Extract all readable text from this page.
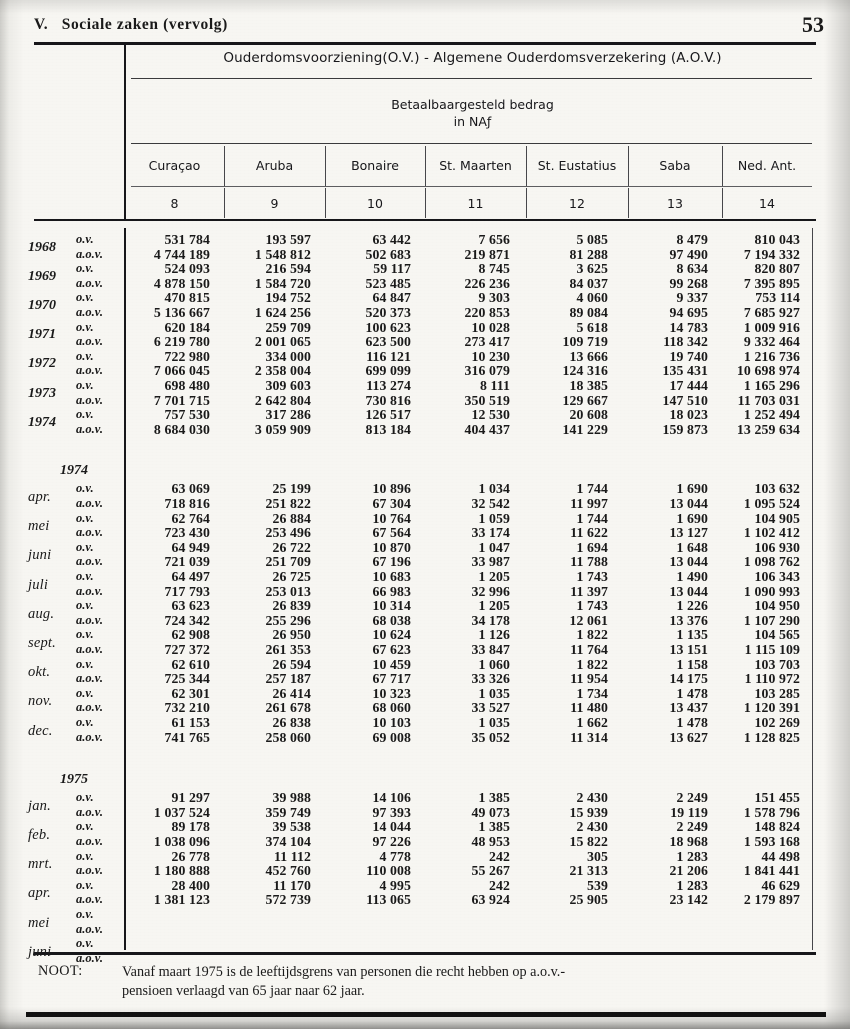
V. Sociale zaken (vervolg)	53
Ouderdomsvoorziening(O.V.) - Algemene Ouderdomsverzekering (A.O.V.)
Betaalbaargesteld bedrag
in NAƒ
Curaçao	Aruba	Bonaire	St. Maarten	St. Eustatius	Saba	Ned. Ant.
8	9	10	11	12	13	14
1968
o.v.	531 784	193 597	63 442	7 656	5 085	8 479	810 043
a.o.v.	4 744 189	1 548 812	502 683	219 871	81 288	97 490	7 194 332
1969
o.v.	524 093	216 594	59 117	8 745	3 625	8 634	820 807
a.o.v.	4 878 150	1 584 720	523 485	226 236	84 037	99 268	7 395 895
1970
o.v.	470 815	194 752	64 847	9 303	4 060	9 337	753 114
a.o.v.	5 136 667	1 624 256	520 373	220 853	89 084	94 695	7 685 927
1971
o.v.	620 184	259 709	100 623	10 028	5 618	14 783	1 009 916
a.o.v.	6 219 780	2 001 065	623 500	273 417	109 719	118 342	9 332 464
1972
o.v.	722 980	334 000	116 121	10 230	13 666	19 740	1 216 736
a.o.v.	7 066 045	2 358 004	699 099	316 079	124 316	135 431	10 698 974
1973
o.v.	698 480	309 603	113 274	8 111	18 385	17 444	1 165 296
a.o.v.	7 701 715	2 642 804	730 816	350 519	129 667	147 510	11 703 031
1974
o.v.	757 530	317 286	126 517	12 530	20 608	18 023	1 252 494
a.o.v.	8 684 030	3 059 909	813 184	404 437	141 229	159 873	13 259 634
1974
apr.
o.v.	63 069	25 199	10 896	1 034	1 744	1 690	103 632
a.o.v.	718 816	251 822	67 304	32 542	11 997	13 044	1 095 524
mei
o.v.	62 764	26 884	10 764	1 059	1 744	1 690	104 905
a.o.v.	723 430	253 496	67 564	33 174	11 622	13 127	1 102 412
juni
o.v.	64 949	26 722	10 870	1 047	1 694	1 648	106 930
a.o.v.	721 039	251 709	67 196	33 987	11 788	13 044	1 098 762
juli
o.v.	64 497	26 725	10 683	1 205	1 743	1 490	106 343
a.o.v.	717 793	253 013	66 983	32 996	11 397	13 044	1 090 993
aug.
o.v.	63 623	26 839	10 314	1 205	1 743	1 226	104 950
a.o.v.	724 342	255 296	68 038	34 178	12 061	13 376	1 107 290
sept.
o.v.	62 908	26 950	10 624	1 126	1 822	1 135	104 565
a.o.v.	727 372	261 353	67 623	33 847	11 764	13 151	1 115 109
okt.
o.v.	62 610	26 594	10 459	1 060	1 822	1 158	103 703
a.o.v.	725 344	257 187	67 717	33 326	11 954	14 175	1 110 972
nov.
o.v.	62 301	26 414	10 323	1 035	1 734	1 478	103 285
a.o.v.	732 210	261 678	68 060	33 527	11 480	13 437	1 120 391
dec.
o.v.	61 153	26 838	10 103	1 035	1 662	1 478	102 269
a.o.v.	741 765	258 060	69 008	35 052	11 314	13 627	1 128 825
1975
jan.
o.v.	91 297	39 988	14 106	1 385	2 430	2 249	151 455
a.o.v.	1 037 524	359 749	97 393	49 073	15 939	19 119	1 578 796
feb.
o.v.	89 178	39 538	14 044	1 385	2 430	2 249	148 824
a.o.v.	1 038 096	374 104	97 226	48 953	15 822	18 968	1 593 168
mrt.
o.v.	26 778	11 112	4 778	242	305	1 283	44 498
a.o.v.	1 180 888	452 760	110 008	55 267	21 313	21 206	1 841 441
apr.
o.v.	28 400	11 170	4 995	242	539	1 283	46 629
a.o.v.	1 381 123	572 739	113 065	63 924	25 905	23 142	2 179 897
mei
o.v.
a.o.v.
juni
o.v.
a.o.v.
NOOT:	Vanaf maart 1975 is de leeftijdsgrens van personen die recht hebben op a.o.v.-
pensioen verlaagd van 65 jaar naar 62 jaar.
